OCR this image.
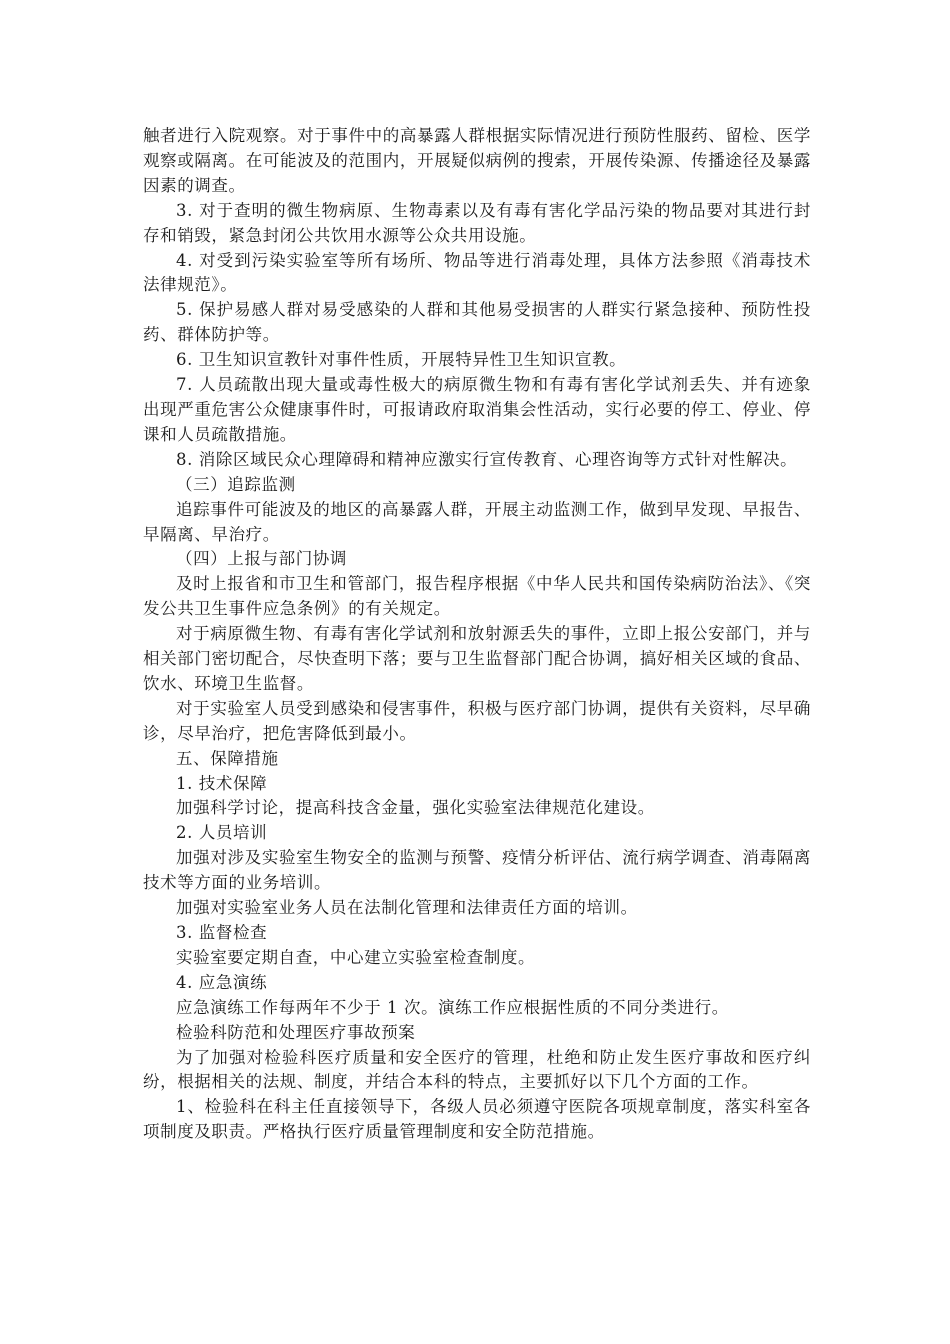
触者进行入院观察。对于事件中的高暴露人群根据实际情况进行预防性服药、留检、医学观察或隔离。在可能波及的范围内，开展疑似病例的搜索，开展传染源、传播途径及暴露因素的调查。

3. 对于查明的微生物病原、生物毒素以及有毒有害化学品污染的物品要对其进行封存和销毁，紧急封闭公共饮用水源等公众共用设施。

4. 对受到污染实验室等所有场所、物品等进行消毒处理，具体方法参照《消毒技术法律规范》。

5. 保护易感人群对易受感染的人群和其他易受损害的人群实行紧急接种、预防性投药、群体防护等。

6. 卫生知识宣教针对事件性质，开展特异性卫生知识宣教。

7. 人员疏散出现大量或毒性极大的病原微生物和有毒有害化学试剂丢失、并有迹象出现严重危害公众健康事件时，可报请政府取消集会性活动，实行必要的停工、停业、停课和人员疏散措施。

8. 消除区域民众心理障碍和精神应激实行宣传教育、心理咨询等方式针对性解决。

（三）追踪监测

追踪事件可能波及的地区的高暴露人群，开展主动监测工作，做到早发现、早报告、早隔离、早治疗。

（四）上报与部门协调

及时上报省和市卫生和管部门，报告程序根据《中华人民共和国传染病防治法》、《突发公共卫生事件应急条例》的有关规定。

对于病原微生物、有毒有害化学试剂和放射源丢失的事件，立即上报公安部门，并与相关部门密切配合，尽快查明下落；要与卫生监督部门配合协调，搞好相关区域的食品、饮水、环境卫生监督。

对于实验室人员受到感染和侵害事件，积极与医疗部门协调，提供有关资料，尽早确诊，尽早治疗，把危害降低到最小。

五、保障措施

1. 技术保障

加强科学讨论，提高科技含金量，强化实验室法律规范化建设。

2. 人员培训

加强对涉及实验室生物安全的监测与预警、疫情分析评估、流行病学调查、消毒隔离技术等方面的业务培训。

加强对实验室业务人员在法制化管理和法律责任方面的培训。

3. 监督检查

实验室要定期自查，中心建立实验室检查制度。

4. 应急演练

应急演练工作每两年不少于 1 次。演练工作应根据性质的不同分类进行。

检验科防范和处理医疗事故预案

为了加强对检验科医疗质量和安全医疗的管理，杜绝和防止发生医疗事故和医疗纠纷，根据相关的法规、制度，并结合本科的特点，主要抓好以下几个方面的工作。

1、检验科在科主任直接领导下，各级人员必须遵守医院各项规章制度，落实科室各项制度及职责。严格执行医疗质量管理制度和安全防范措施。
